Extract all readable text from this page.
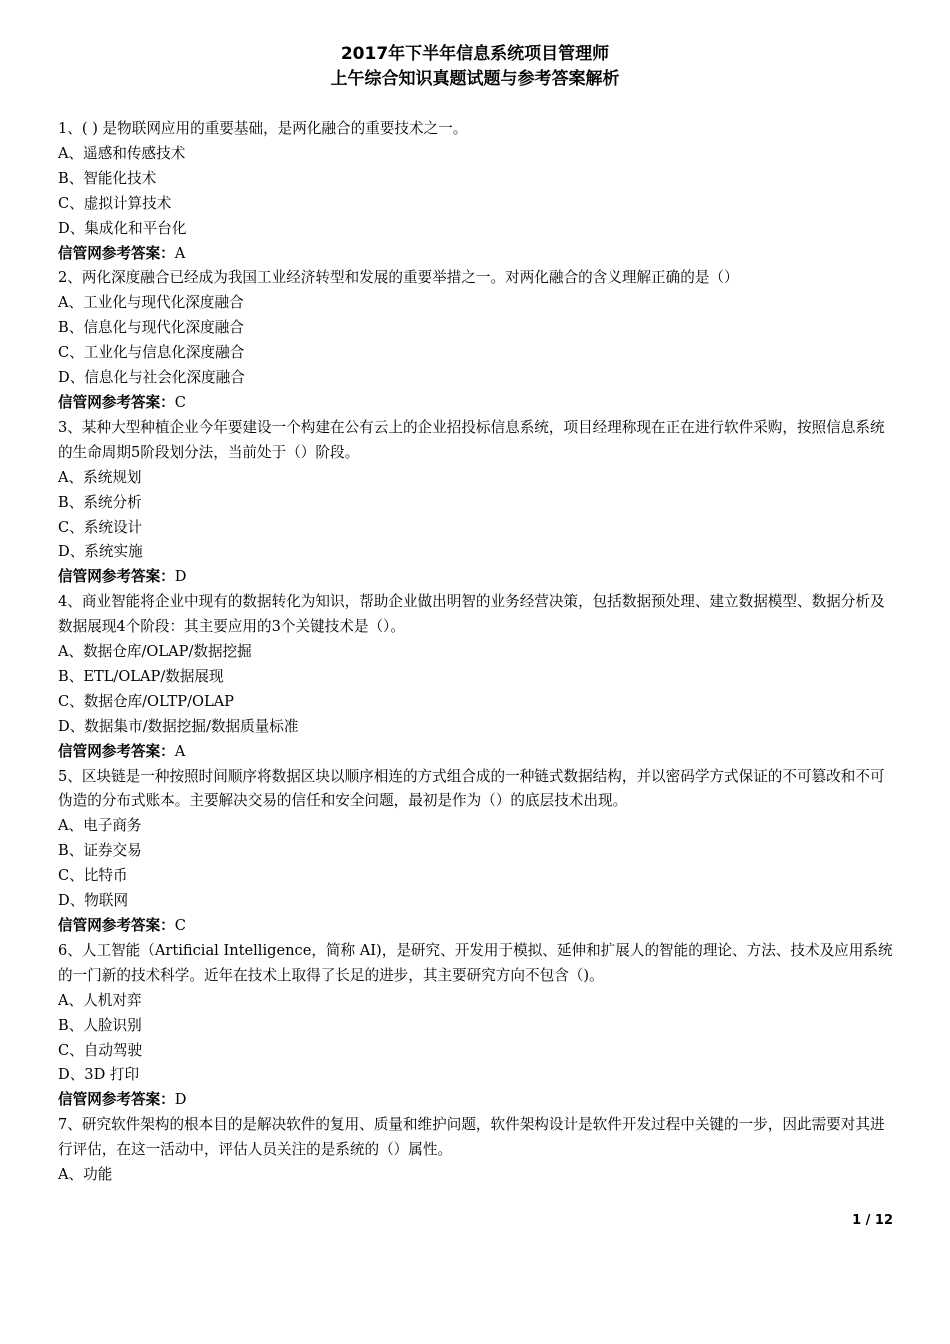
2017年下半年信息系统项目管理师
上午综合知识真题试题与参考答案解析
1、( ) 是物联网应用的重要基础，是两化融合的重要技术之一。
A、遥感和传感技术
B、智能化技术
C、虚拟计算技术
D、集成化和平台化
信管网参考答案：A
2、两化深度融合已经成为我国工业经济转型和发展的重要举措之一。对两化融合的含义理解正确的是（）
A、工业化与现代化深度融合
B、信息化与现代化深度融合
C、工业化与信息化深度融合
D、信息化与社会化深度融合
信管网参考答案：C
3、某种大型种植企业今年要建设一个构建在公有云上的企业招投标信息系统，项目经理称现在正在进行软件采购，按照信息系统的生命周期5阶段划分法，当前处于（）阶段。
A、系统规划
B、系统分析
C、系统设计
D、系统实施
信管网参考答案：D
4、商业智能将企业中现有的数据转化为知识，帮助企业做出明智的业务经营决策，包括数据预处理、建立数据模型、数据分析及数据展现4个阶段：其主要应用的3个关键技术是（）。
A、数据仓库/OLAP/数据挖掘
B、ETL/OLAP/数据展现
C、数据仓库/OLTP/OLAP
D、数据集市/数据挖掘/数据质量标准
信管网参考答案：A
5、区块链是一种按照时间顺序将数据区块以顺序相连的方式组合成的一种链式数据结构，并以密码学方式保证的不可篡改和不可伪造的分布式账本。主要解决交易的信任和安全问题，最初是作为（）的底层技术出现。
A、电子商务
B、证券交易
C、比特币
D、物联网
信管网参考答案：C
6、人工智能（Artificial Intelligence，简称 AI)，是研究、开发用于模拟、延伸和扩展人的智能的理论、方法、技术及应用系统的一门新的技术科学。近年在技术上取得了长足的进步，其主要研究方向不包含（)。
A、人机对弈
B、人脸识别
C、自动驾驶
D、3D 打印
信管网参考答案：D
7、研究软件架构的根本目的是解决软件的复用、质量和维护问题，软件架构设计是软件开发过程中关键的一步，因此需要对其进行评估，在这一活动中，评估人员关注的是系统的（）属性。
A、功能
1 / 12
